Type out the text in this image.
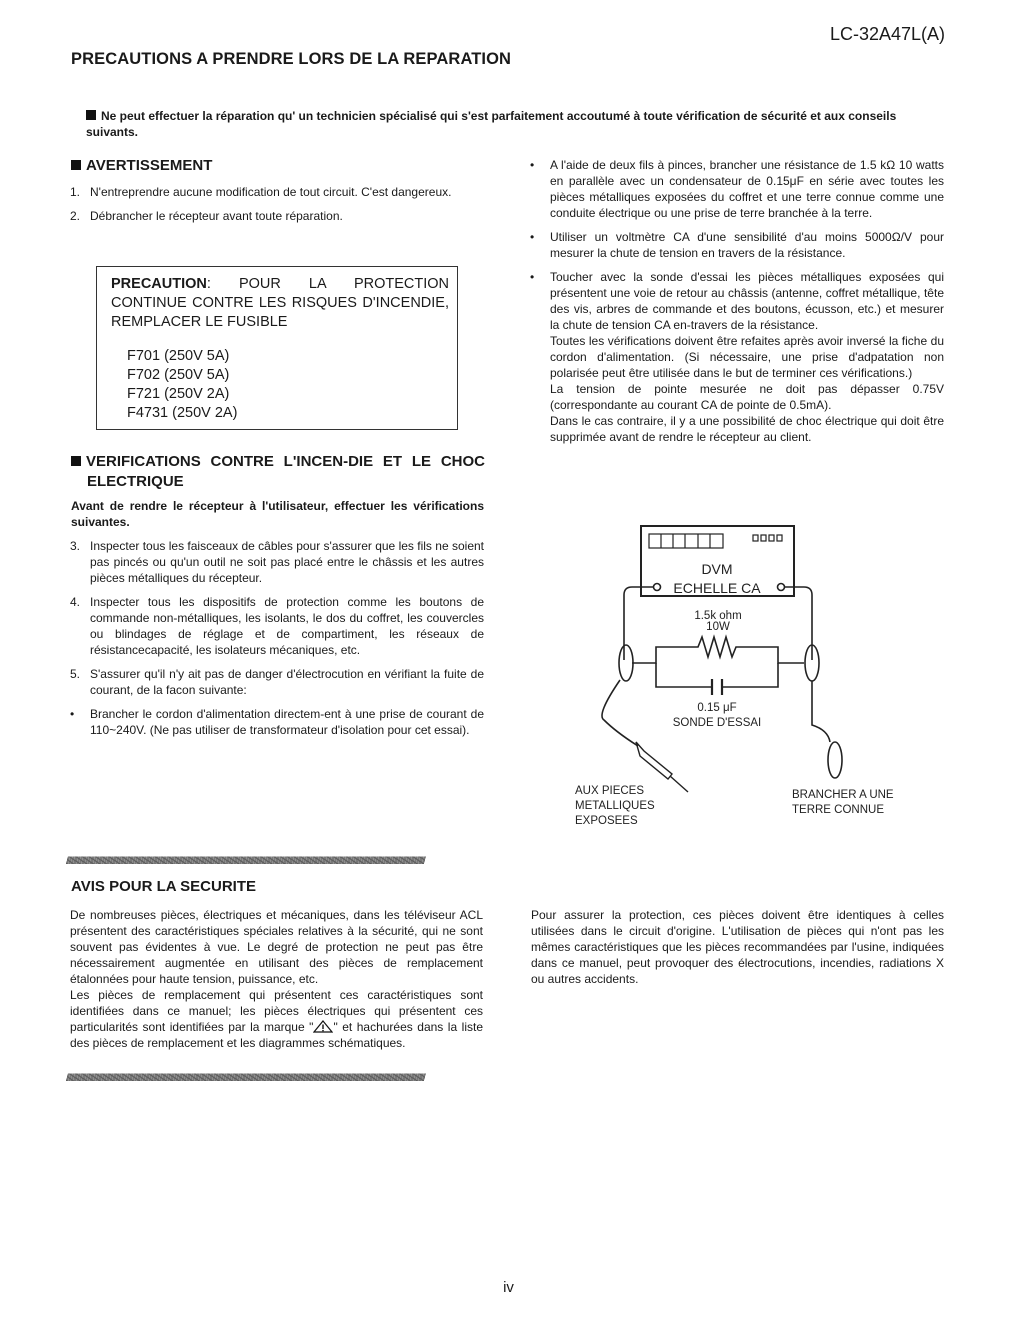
LC-32A47L(A)
PRECAUTIONS A PRENDRE LORS DE LA REPARATION
Ne peut effectuer la réparation qu' un technicien spécialisé qui s'est parfaitement accoutumé à toute vérification de sécurité et aux conseils suivants.
AVERTISSEMENT
1. N'entreprendre aucune modification de tout circuit. C'est dangereux.
2. Débrancher le récepteur avant toute réparation.
PRECAUTION: POUR LA PROTECTION CONTINUE CONTRE LES RISQUES D'INCENDIE, REMPLACER LE FUSIBLE
F701 (250V 5A)
F702 (250V 5A)
F721 (250V 2A)
F4731 (250V 2A)
VERIFICATIONS CONTRE L'INCEN-DIE ET LE CHOC ELECTRIQUE
Avant de rendre le récepteur à l'utilisateur, effectuer les vérifications suivantes.
3. Inspecter tous les faisceaux de câbles pour s'assurer que les fils ne soient pas pincés ou qu'un outil ne soit pas placé entre le châssis et les autres pièces métalliques du récepteur.
4. Inspecter tous les dispositifs de protection comme les boutons de commande non-métalliques, les isolants, le dos du coffret, les couvercles ou blindages de réglage et de compartiment, les réseaux de résistancecapacité, les isolateurs mécaniques, etc.
5. S'assurer qu'il n'y ait pas de danger d'électrocution en vérifiant la fuite de courant, de la facon suivante:
• Brancher le cordon d'alimentation directem-ent à une prise de courant de 110~240V. (Ne pas utiliser de transformateur d'isolation pour cet essai).
• A l'aide de deux fils à pinces, brancher une résistance de 1.5 kΩ 10 watts en parallèle avec un condensateur de 0.15μF en série avec toutes les pièces métalliques exposées du coffret et une terre connue comme une conduite électrique ou une prise de terre branchée à la terre.
• Utiliser un voltmètre CA d'une sensibilité d'au moins 5000Ω/V pour mesurer la chute de tension en travers de la résistance.
• Toucher avec la sonde d'essai les pièces métalliques exposées qui présentent une voie de retour au châssis (antenne, coffret métallique, tête des vis, arbres de commande et des boutons, écusson, etc.) et mesurer la chute de tension CA en-travers de la résistance.
Toutes les vérifications doivent être refaites après avoir inversé la fiche du cordon d'alimentation. (Si nécessaire, une prise d'adpatation non polarisée peut être utilisée dans le but de terminer ces vérifications.)
La tension de pointe mesurée ne doit pas dépasser 0.75V (correspondante au courant CA de pointe de 0.5mA).
Dans le cas contraire, il y a une possibilité de choc électrique qui doit être supprimée avant de rendre le récepteur au client.
DVM
ECHELLE CA
1.5k ohm
10W
0.15 μF
SONDE D'ESSAI
AUX PIECES METALLIQUES EXPOSEES
BRANCHER A UNE TERRE CONNUE
////////////////////////////////////////////////////////////////////////////////////////////////////////////////////////////////////////////////////////////////////////////////////////////////////////////////////////////////////////////////////////////////////////////////////////////////////////////////
AVIS POUR LA SECURITE
De nombreuses pièces, électriques et mécaniques, dans les téléviseur ACL présentent des caractéristiques spéciales relatives à la sécurité, qui ne sont souvent pas évidentes à vue. Le degré de protection ne peut pas être nécessairement augmentée en utilisant des pièces de remplacement étalonnées pour haute tension, puissance, etc.
Les pièces de remplacement qui présentent ces caractéristiques sont identifiées dans ce manuel; les pièces électriques qui présentent ces particularités sont identifiées par la marque " " et hachurées dans la liste des pièces de remplacement et les diagrammes schématiques.
Pour assurer la protection, ces pièces doivent être identiques à celles utilisées dans le circuit d'origine. L'utilisation de pièces qui n'ont pas les mêmes caractéristiques que les pièces recommandées par l'usine, indiquées dans ce manuel, peut provoquer des électrocutions, incendies, radiations X ou autres accidents.
////////////////////////////////////////////////////////////////////////////////////////////////////////////////////////////////////////////////////////////////////////////////////////////////////////////////////////////////////////////////////////////////////////////////////////////////////////////////
iv
